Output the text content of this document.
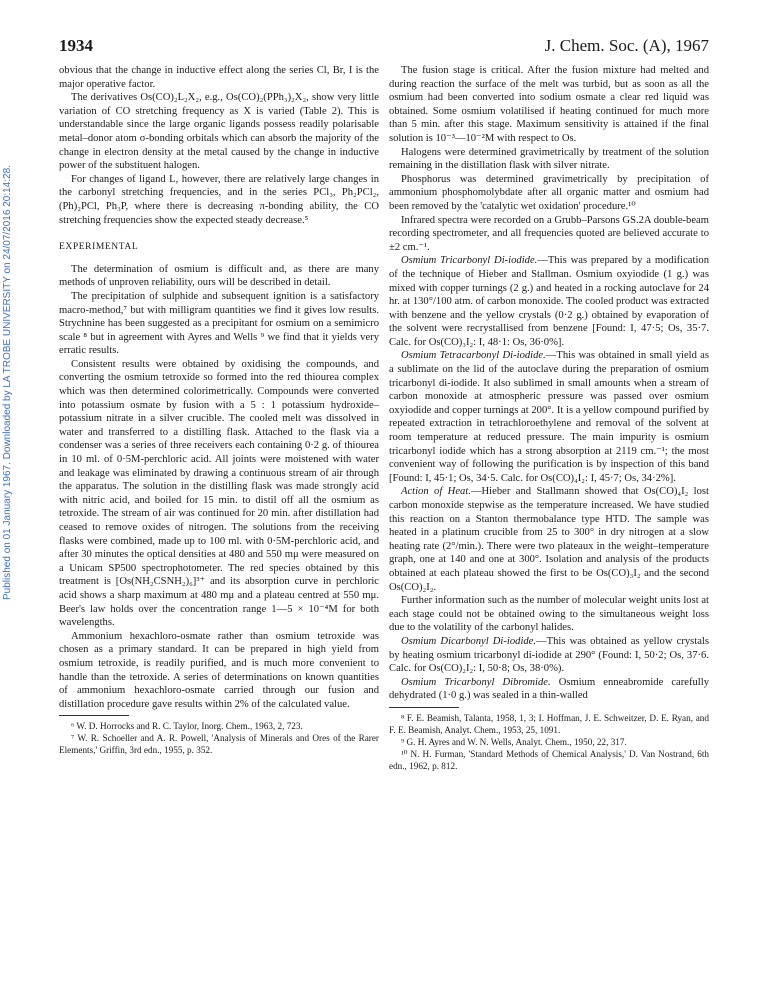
1934	J. Chem. Soc. (A), 1967
Published on 01 January 1967. Downloaded by LA TROBE UNIVERSITY on 24/07/2016 20:14:28.

obvious that the change in inductive effect along the series Cl, Br, I is the major operative factor.

The derivatives Os(CO)₂L₂X₂, e.g., Os(CO)₂(PPh₃)₂X₂, show very little variation of CO stretching frequency as X is varied (Table 2). This is understandable since the large organic ligands possess readily polarisable metal–donor atom σ-bonding orbitals which can absorb the majority of the change in electron density at the metal caused by the change in inductive power of the substituent halogen.

For changes of ligand L, however, there are relatively large changes in the carbonyl stretching frequencies, and in the series PCl₃, Ph₂PCl₂, (Ph)₂PCl, Ph₃P, where there is decreasing π-bonding ability, the CO stretching frequencies show the expected steady decrease.⁵

EXPERIMENTAL

The determination of osmium is difficult and, as there are many methods of unproven reliability, ours will be described in detail.

The precipitation of sulphide and subsequent ignition is a satisfactory macro-method,⁷ but with milligram quantities we find it gives low results. Strychnine has been suggested as a precipitant for osmium on a semimicro scale ⁸ but in agreement with Ayres and Wells ⁹ we find that it yields very erratic results.

Consistent results were obtained by oxidising the compounds, and converting the osmium tetroxide so formed into the red thiourea complex which was then determined colorimetrically. Compounds were converted into potassium osmate by fusion with a 5 : 1 potassium hydroxide–potassium nitrate in a silver crucible. The cooled melt was dissolved in water and transferred to a distilling flask. Attached to the flask via a condenser was a series of three receivers each containing 0·2 g. of thiourea in 10 ml. of 0·5M-perchloric acid. All joints were moistened with water and leakage was eliminated by drawing a continuous stream of air through the apparatus. The solution in the distilling flask was made strongly acid with nitric acid, and boiled for 15 min. to distil off all the osmium as tetroxide. The stream of air was continued for 20 min. after distillation had ceased to remove oxides of nitrogen. The solutions from the receiving flasks were combined, made up to 100 ml. with 0·5M-perchloric acid, and after 30 minutes the optical densities at 480 and 550 mμ were measured on a Unicam SP500 spectrophotometer. The red species obtained by this treatment is [Os(NH₂CSNH₂)₆]³⁺ and its absorption curve in perchloric acid shows a sharp maximum at 480 mμ and a plateau centred at 550 mμ. Beer's law holds over the concentration range 1—5 × 10⁻⁴M for both wavelengths.

Ammonium hexachloro-osmate rather than osmium tetroxide was chosen as a primary standard. It can be prepared in high yield from osmium tetroxide, is readily purified, and is much more convenient to handle than the tetroxide. A series of determinations on known quantities of ammonium hexachloro-osmate carried through our fusion and distillation procedure gave results within 2% of the calculated value.

⁶ W. D. Horrocks and R. C. Taylor, Inorg. Chem., 1963, 2, 723.

⁷ W. R. Schoeller and A. R. Powell, 'Analysis of Minerals and Ores of the Rarer Elements,' Griffin, 3rd edn., 1955, p. 352.

The fusion stage is critical. After the fusion mixture had melted and during reaction the surface of the melt was turbid, but as soon as all the osmium had been converted into sodium osmate a clear red liquid was obtained. Some osmium volatilised if heating continued for much more than 5 min. after this stage. Maximum sensitivity is attained if the final solution is 10⁻³—10⁻²M with respect to Os.

Halogens were determined gravimetrically by treatment of the solution remaining in the distillation flask with silver nitrate.

Phosphorus was determined gravimetrically by precipitation of ammonium phosphomolybdate after all organic matter and osmium had been removed by the 'catalytic wet oxidation' procedure.¹⁰

Infrared spectra were recorded on a Grubb–Parsons GS.2A double-beam recording spectrometer, and all frequencies quoted are believed accurate to ±2 cm.⁻¹.

Osmium Tricarbonyl Di-iodide.—This was prepared by a modification of the technique of Hieber and Stallman. Osmium oxyiodide (1 g.) was mixed with copper turnings (2 g.) and heated in a rocking autoclave for 24 hr. at 130°/100 atm. of carbon monoxide. The cooled product was extracted with benzene and the yellow crystals (0·2 g.) obtained by evaporation of the solvent were recrystallised from benzene [Found: I, 47·5; Os, 35·7. Calc. for Os(CO)₃I₂: I, 48·1: Os, 36·0%].

Osmium Tetracarbonyl Di-iodide.—This was obtained in small yield as a sublimate on the lid of the autoclave during the preparation of osmium tricarbonyl di-iodide. It also sublimed in small amounts when a stream of carbon monoxide at atmospheric pressure was passed over osmium oxyiodide and copper turnings at 200°. It is a yellow compound purified by repeated extraction in tetrachloroethylene and removal of the solvent at room temperature at reduced pressure. The main impurity is osmium tricarbonyl iodide which has a strong absorption at 2119 cm.⁻¹; the most convenient way of following the purification is by inspection of this band [Found: I, 45·1; Os, 34·5. Calc. for Os(CO)₄I₂: I, 45·7; Os, 34·2%].

Action of Heat.—Hieber and Stallmann showed that Os(CO)₄I₂ lost carbon monoxide stepwise as the temperature increased. We have studied this reaction on a Stanton thermobalance type HTD. The sample was heated in a platinum crucible from 25 to 300° in dry nitrogen at a slow heating rate (2°/min.). There were two plateaux in the weight–temperature graph, one at 140 and one at 300°. Isolation and analysis of the products obtained at each plateau showed the first to be Os(CO)₃I₂ and the second Os(CO)₂I₂.

Further information such as the number of molecular weight units lost at each stage could not be obtained owing to the simultaneous weight loss due to the volatility of the carbonyl halides.

Osmium Dicarbonyl Di-iodide.—This was obtained as yellow crystals by heating osmium tricarbonyl di-iodide at 290° (Found: I, 50·2; Os, 37·6. Calc. for Os(CO)₂I₂: I, 50·8; Os, 38·0%).

Osmium Tricarbonyl Dibromide. Osmium enneabromide carefully dehydrated (1·0 g.) was sealed in a thin-walled

⁸ F. E. Beamish, Talanta, 1958, 1, 3; I. Hoffman, J. E. Schweitzer, D. E. Ryan, and F. E. Beamish, Analyt. Chem., 1953, 25, 1091.

⁹ G. H. Ayres and W. N. Wells, Analyt. Chem., 1950, 22, 317.

¹⁰ N. H. Furman, 'Standard Methods of Chemical Analysis,' D. Van Nostrand, 6th edn., 1962, p. 812.
